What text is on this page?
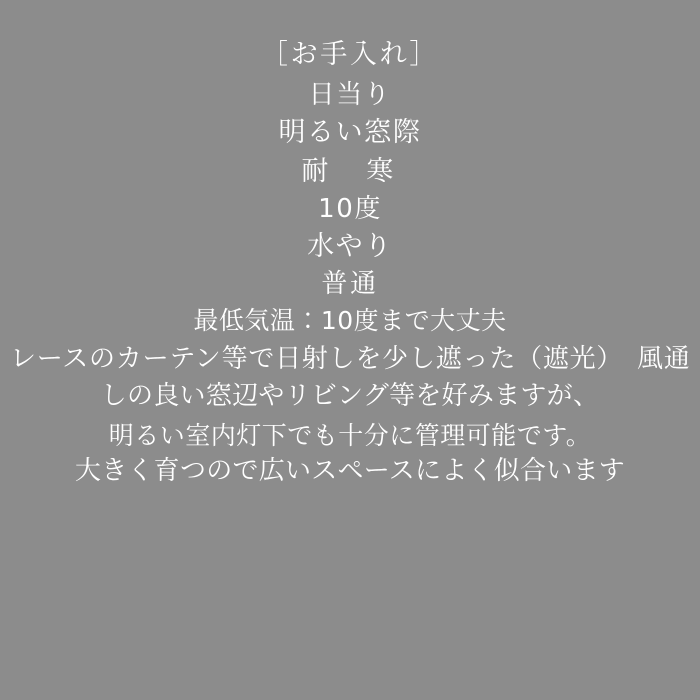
［お手入れ］
日当り
明るい窓際
耐　寒
10度
水やり
普通
最低気温：10度まで大丈夫
レースのカーテン等で日射しを少し遮った（遮光）　風通しの良い窓辺やリビング等を好みますが、
明るい室内灯下でも十分に管理可能です。
大きく育つので広いスペースによく似合います
